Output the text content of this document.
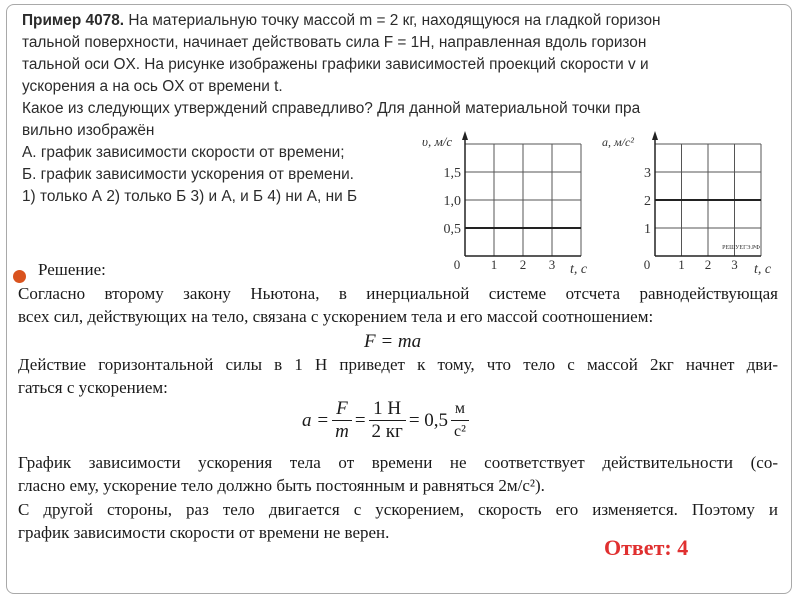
Пример 4078. На материальную точку массой m = 2 кг, находящуюся на гладкой горизон
тальной поверхности, начинает действовать сила F = 1Н, направленная вдоль горизон
тальной оси OX. На рисунке изображены графики зависимостей проекций скорости v и
ускорения a на ось OX от времени t.
Какое из следующих утверждений справедливо? Для данной материальной точки пра
вильно изображён
А. график зависимости скорости от времени;
Б. график зависимости ускорения от времени.
1) только А 2) только Б 3) и А, и Б 4) ни А, ни Б
0,5
1,0
1,5
0 1 2 3
υ, м/с
t, с
1
2
3
0 1 2 3
a, м/с²
t, с
РЕШУЕГЭ.РФ
Решение:
Согласно второму закону Ньютона, в инерциальной системе отсчета равнодействующая
всех сил, действующих на тело, связана с ускорением тела и его массой соотношением:
Действие горизонтальной силы в 1 Н приведет к тому, что тело с массой 2кг начнет дви-
гаться с ускорением:
График зависимости ускорения тела от времени не соответствует действительности (со-
гласно ему, ускорение тело должно быть постоянным и равняться 2м/с²).
С другой стороны, раз тело двигается с ускорением, скорость его изменяется. Поэтому и
график зависимости скорости от времени не верен.
F = ma
$a = \frac{F}{m} = \frac{1 Н}{2 кг} = 0,5 \frac{м}{\text{с²}}$
Ответ: 4
